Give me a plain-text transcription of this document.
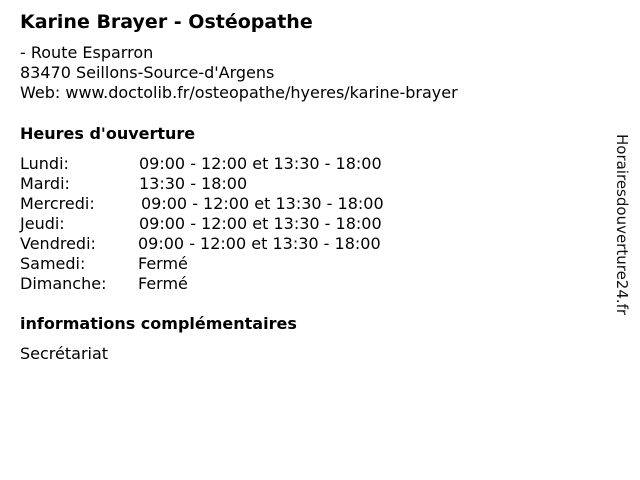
Karine Brayer - Ostéopathe
- Route Esparron
83470 Seillons-Source-d'Argens
Web: www.doctolib.fr/osteopathe/hyeres/karine-brayer
Heures d'ouverture
Lundi:	09:00 - 12:00 et 13:30 - 18:00
Mardi:	13:30 - 18:00
Mercredi:	09:00 - 12:00 et 13:30 - 18:00
Jeudi:	09:00 - 12:00 et 13:30 - 18:00
Vendredi:	09:00 - 12:00 et 13:30 - 18:00
Samedi:	Fermé
Dimanche: Fermé
informations complémentaires
Secrétariat
Horairesdouverture24.fr
